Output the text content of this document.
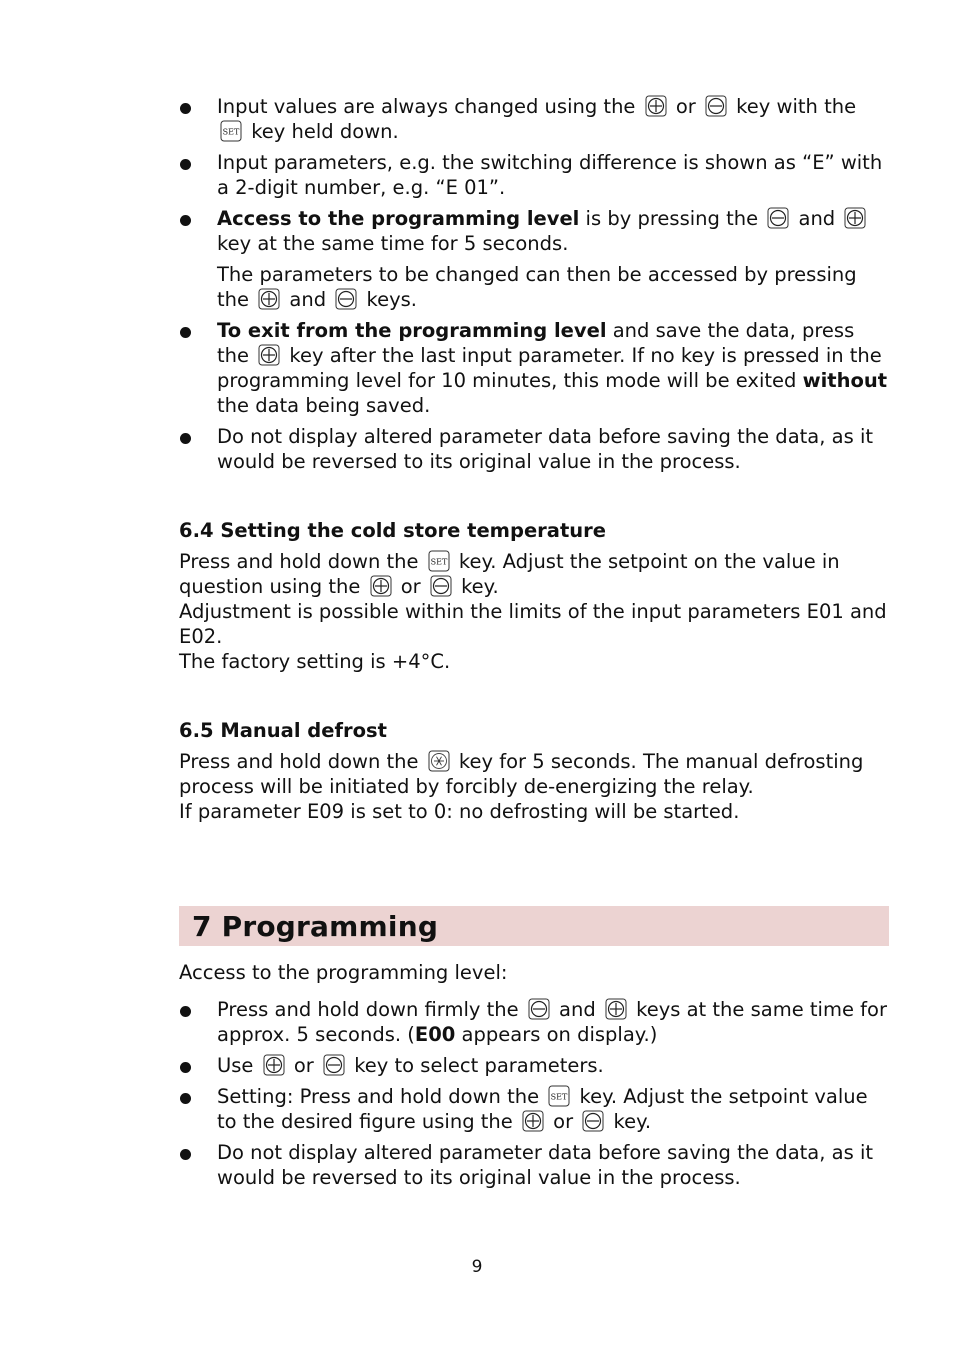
Input values are always changed using the
or
key with the
SET key held down.

Input parameters, e.g. the switching difference is shown as “E” with a 2-digit number, e.g. “E 01”.

Access to the programming level is by pressing the
and
key at the same time for 5 seconds.

The parameters to be changed can then be accessed by pressing the
and
keys.

To exit from the programming level and save the data, press the
key after the last input parameter. If no key is pressed in the programming level for 10 minutes, this mode will be exited without the data being saved.

Do not display altered parameter data before saving the data, as it would be reversed to its original value in the process.

6.4 Setting the cold store temperature

Press and hold down the SET key. Adjust the setpoint on the value in question using the
or
key.

Adjustment is possible within the limits of the input parameters E01 and E02.

The factory setting is +4°C.

6.5 Manual defrost

Press and hold down the
key for 5 seconds. The manual defrosting process will be initiated by forcibly de-energizing the relay.

If parameter E09 is set to 0: no defrosting will be started.

7 Programming

Access to the programming level:

Press and hold down firmly the
and
keys at the same time for approx. 5 seconds. (E00 appears on display.)

Use
or
key to select parameters.

Setting: Press and hold down the SET key. Adjust the setpoint value to the desired figure using the
or
key.

Do not display altered parameter data before saving the data, as it would be reversed to its original value in the process.

9
